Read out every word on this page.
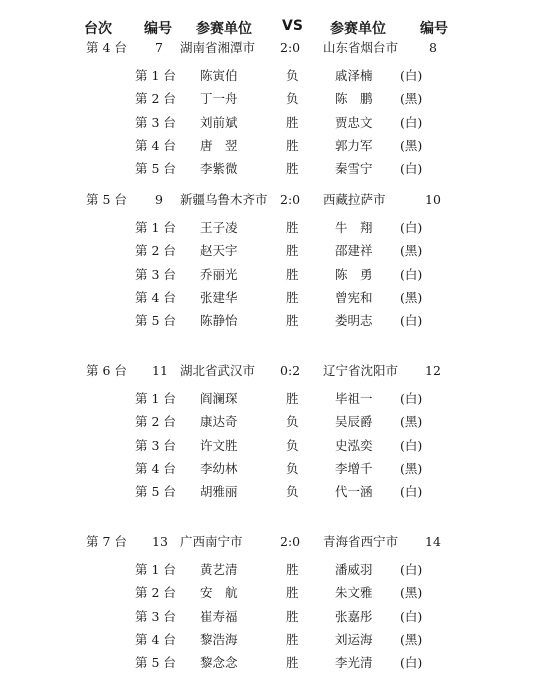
台次 编号 参赛单位 VS 参赛单位 编号
第 4 台 7 湖南省湘潭市 2:0 山东省烟台市	8
第 1 台 陈寅伯	负	戚泽楠 (白)
第 2 台 丁一舟	负	陈　鹏 (黑)
第 3 台 刘前斌	胜	贾忠文 (白)
第 4 台 唐　翌	胜	郭力军 (黑)
第 5 台 李紫微	胜	秦雪宁 (白)
第 5 台 9 新疆乌鲁木齐市 2:0 西藏拉萨市	10
第 1 台 王子凌	胜	牛　翔 (白)
第 2 台 赵天宇	胜	邵建祥 (黑)
第 3 台 乔丽光	胜	陈　勇 (白)
第 4 台 张建华	胜	曾宪和 (黑)
第 5 台 陈静怡	胜	娄明志 (白)
第 6 台 11 湖北省武汉市 0:2 辽宁省沈阳市	12
第 1 台 阎澜琛	胜	毕祖一 (白)
第 2 台 康达奇	负	吴辰爵 (黑)
第 3 台 许文胜	负	史泓奕 (白)
第 4 台 李幼林	负	李增千 (黑)
第 5 台 胡雅丽	负	代一涵 (白)
第 7 台 13 广西南宁市	2:0 青海省西宁市	14
第 1 台 黄艺清	胜	潘威羽 (白)
第 2 台 安　航	胜	朱文雅 (黑)
第 3 台 崔寿福	胜	张嘉彤 (白)
第 4 台 黎浩海	胜	刘运海 (黑)
第 5 台 黎念念	胜	李光清 (白)
